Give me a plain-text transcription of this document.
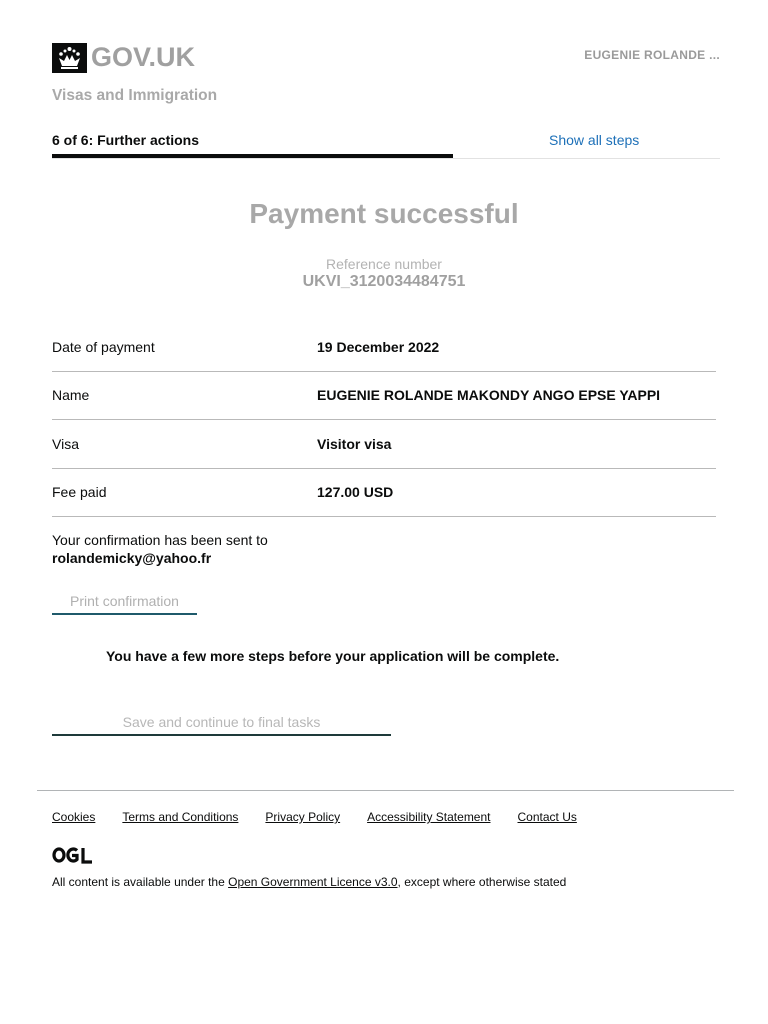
GOV.UK	EUGENIE ROLANDE ...
Visas and Immigration
6 of 6: Further actions	Show all steps
Payment successful
Reference number
UKVI_3120034484751
Date of payment	19 December 2022
Name	EUGENIE ROLANDE MAKONDY ANGO EPSE YAPPI
Visa	Visitor visa
Fee paid	127.00 USD
Your confirmation has been sent to
rolandemicky@yahoo.fr
Print confirmation

You have a few more steps before your application will be complete.

Save and continue to final tasks
Cookies Terms and Conditions Privacy Policy Accessibility Statement Contact Us
All content is available under the Open Government Licence v3.0, except where otherwise stated
